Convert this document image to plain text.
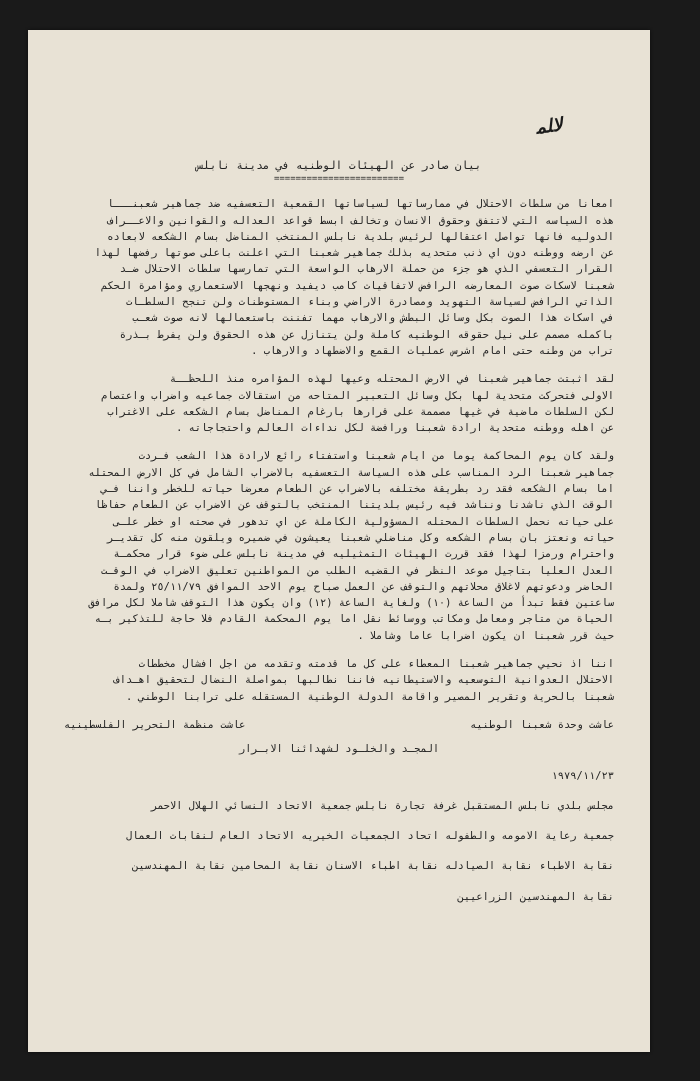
ﻻﻠﻤ

بيان صادر عن الهيئات الوطنيه في مدينة نابلس

========================

امعانا من سلطات الاحتلال في ممارساتها لسياساتها القمعية التعسفيه ضد جماهير شعبنـــا
هذه السياسه التي لاتتفق وحقوق الانسان وتخالف ابسط قواعد العداله والقوانين والاعــراف
الدوليه فانها تواصل اعتقالها لرئيس بلدية نابلس المنتخب المناضل بسام الشكعه لابعاده
عن ارضه ووطنه دون اي ذنب متحديه بذلك جماهير شعبنا التي اعلنت باعلى صوتها رفضها لهذا
القرار التعسفي الذي هو جزء من حملة الارهاب الواسعة التي تمارسها سلطات الاحتلال ضـد
شعبنا لاسكات صوت المعارضه الرافض لاتفاقيات كامب ديفيد ونهجها الاستعماري ومؤامرة الحكم
الذاتي الرافض لسياسة التهويد ومصادرة الاراضي وبناء المستوطنات ولن تنجح السلطـات
في اسكات هذا الصوت بكل وسائل البطش والارهاب مهما تفننت باستعمالها لانه صوت شعـب
باكمله مصمم على نيل حقوقه الوطنيه كاملة ولن يتنازل عن هذه الحقوق ولن يفرط بـذرة
تراب من وطنه حتى امام اشرس عمليات القمع والاضطهاد والارهاب .

لقد اثبتت جماهير شعبنا في الارض المحتله وعيها لهذه المؤامره منذ اللحظــة
الاولى فتحركت متحدية لها بكل وسائل التعبير المتاحه من استقالات جماعيه واضراب واعتصام
لكن السلطات ماضية في غيها مصممة على قرارها بارغام المناضل بسام الشكعه على الاغتراب
عن اهله ووطنه متحدية ارادة شعبنا ورافضة لكل نداءات العالم واحتجاجاته .

ولقد كان يوم المحاكمة يوما من ايام شعبنا واستفتاء رائع لارادة هذا الشعب فـردت
جماهير شعبنا الرد المناسب على هذه السياسة التعسفيه بالاضراب الشامل في كل الارض المحتله
اما بسام الشكعه فقد رد بطريقة مختلفه بالاضراب عن الطعام معرضا حياته للخطر واننا فـي
الوقت الذي ناشدنا ونناشد فيه رئيس بلديتنا المنتخب بالتوقف عن الاضراب عن الطعام حفاظا
على حياته نحمل السلطات المحتله المسؤولية الكاملة عن اي تدهور في صحته او خطر علـى
حياته ونعتز بان بسام الشكعه وكل مناضلي شعبنا يعيشون في ضميره ويلقون منه كل تقديـر
واحترام ورمزا لهذا فقد قررت الهيئات التمثيليه في مدينة نابلس على ضوء قرار محكمـة
العدل العليا بتاجيل موعد النظر في القضيه الطلب من المواطنين تعليق الاضراب في الوقـت
الحاضر ودعوتهم لاغلاق محلاتهم والتوقف عن العمل صباح يوم الاحد الموافق ٢٥/١١/٧٩ ولمدة
ساعتين فقط تبدأ من الساعة (١٠) ولغاية الساعة (١٢) وان يكون هذا التوقف شاملا لكل مرافق
الحياة من متاجر ومعامل ومكاتب ووسائط نقل اما يوم المحكمة القادم فلا حاجة للتذكير بـه
حيث قرر شعبنا ان يكون اضرابا عاما وشاملا .

اننا اذ نحيي جماهير شعبنا المعطاء على كل ما قدمته وتقدمه من اجل افشال مخططات
الاحتلال العدوانية التوسعيه والاستيطانيه فاننا نطالبها بمواصلة النضال لتحقيق اهـداف
شعبنا بالحرية وتقرير المصير واقامة الدولة الوطنية المستقله على ترابنا الوطني .

عاشت وحدة شعبنا الوطنيه
عاشت منظمة التحرير الفلسطينيه
المجـد والخلـود لشهدائنا الابـرار
١٩٧٩/١١/٢٣
مجلس بلدي نابلس المستقبل غرفة تجارة نابلس جمعية الاتحاد النسائي الهلال الاحمر
جمعية رعاية الامومه والطفوله اتحاد الجمعيات الخيريه الاتحاد العام لنقابات العمال
نقابة الاطباء نقابة الصيادله نقابة اطباء الاسنان نقابة المحامين نقابة المهندسين
نقابة المهندسين الزراعيين
